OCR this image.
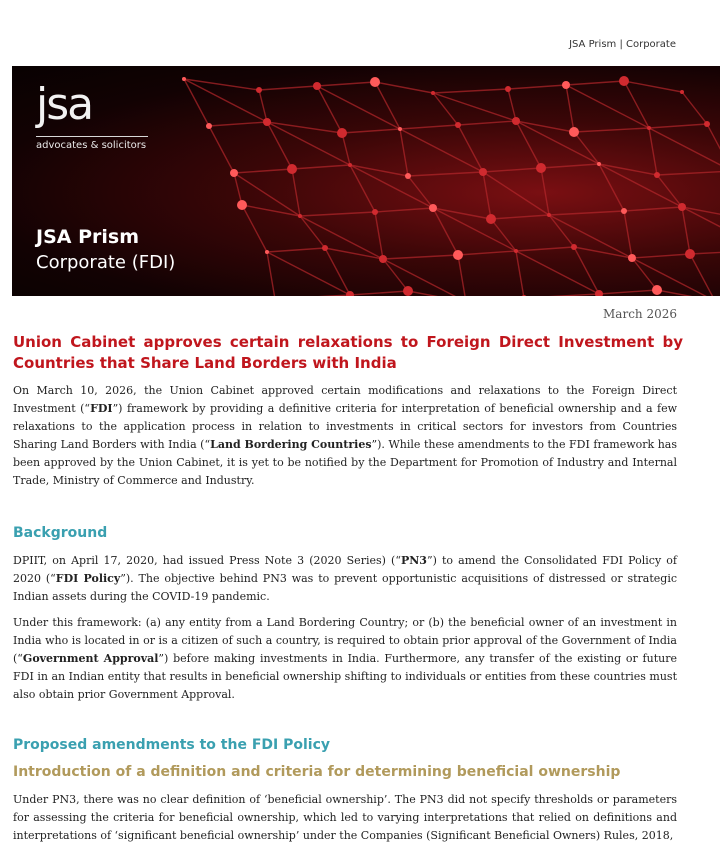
JSA Prism | Corporate
jsa
advocates & solicitors
JSA Prism
Corporate (FDI)
March 2026
Union Cabinet approves certain relaxations to Foreign Direct Investment by Countries that Share Land Borders with India
On March 10, 2026, the Union Cabinet approved certain modifications and relaxations to the Foreign Direct Investment (“FDI”) framework by providing a definitive criteria for interpretation of beneficial ownership and a few relaxations to the application process in relation to investments in critical sectors for investors from Countries Sharing Land Borders with India (“Land Bordering Countries”). While these amendments to the FDI framework has been approved by the Union Cabinet, it is yet to be notified by the Department for Promotion of Industry and Internal Trade, Ministry of Commerce and Industry.
Background
DPIIT, on April 17, 2020, had issued Press Note 3 (2020 Series) (“PN3”) to amend the Consolidated FDI Policy of 2020 (“FDI Policy”). The objective behind PN3 was to prevent opportunistic acquisitions of distressed or strategic Indian assets during the COVID-19 pandemic.
Under this framework: (a) any entity from a Land Bordering Country; or (b) the beneficial owner of an investment in India who is located in or is a citizen of such a country, is required to obtain prior approval of the Government of India (“Government Approval”) before making investments in India. Furthermore, any transfer of the existing or future FDI in an Indian entity that results in beneficial ownership shifting to individuals or entities from these countries must also obtain prior Government Approval.
Proposed amendments to the FDI Policy
Introduction of a definition and criteria for determining beneficial ownership
Under PN3, there was no clear definition of ‘beneficial ownership’. The PN3 did not specify thresholds or parameters for assessing the criteria for beneficial ownership, which led to varying interpretations that relied on definitions and interpretations of ‘significant beneficial ownership’ under the Companies (Significant Beneficial Owners) Rules, 2018,
